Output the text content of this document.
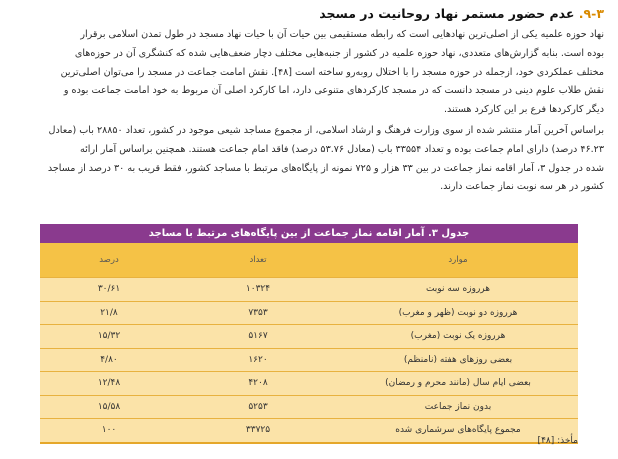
۹-۳. عدم حضور مستمر نهاد روحانیت در مسجد
نهاد حوزه علمیه یکی از اصلی‌ترین نهادهایی است که رابطه مستقیمی بین حیات آن با حیات نهاد مسجد در طول تمدن اسلامی برقرار
بوده است. بنابه گزارش‌های متعددی، نهاد حوزه علمیه در کشور از جنبه‌هایی مختلف دچار ضعف‌هایی شده که کنشگری آن در حوزه‌های
مختلف عملکردی خود، ازجمله در حوزه مسجد را با اختلال روبه‌رو ساخته است [۴۸]. نقش امامت جماعت در مسجد را می‌توان اصلی‌ترین
نقش طلاب علوم دینی در مسجد دانست که در مسجد کارکردهای متنوعی دارد، اما کارکرد اصلی آن مربوط به خود امامت جماعت بوده و
دیگر کارکردها فرع بر این کارکرد هستند.
براساس آخرین آمار منتشر شده از سوی وزارت فرهنگ و ارشاد اسلامی، از مجموع مساجد شیعی موجود در کشور، تعداد ۲۸۸۵۰ باب (معادل
۴۶.۲۳ درصد) دارای امام جماعت بوده و تعداد ۳۳۵۵۴ باب (معادل ۵۳.۷۶ درصد) فاقد امام جماعت هستند. همچنین براساس آمار ارائه
شده در جدول ۳، آمار اقامه نماز جماعت در بین ۳۳ هزار و ۷۲۵ نمونه از پایگاه‌های مرتبط با مساجد کشور، فقط قریب به ۳۰ درصد از مساجد
کشور در هر سه نوبت نماز جماعت دارند.
جدول ۳. آمار اقامه نماز جماعت از بین پایگاه‌های مرتبط با مساجد
موارد
تعداد
درصد
هرروزه سه نوبت
۱۰۳۲۴
۳۰/۶۱
هرروزه دو نوبت (ظهر و مغرب)
۷۳۵۳
۲۱/۸
هرروزه یک نوبت (مغرب)
۵۱۶۷
۱۵/۳۲
بعضی روزهای هفته (نامنظم)
۱۶۲۰
۴/۸۰
بعضی ایام سال (مانند محرم و رمضان)
۴۲۰۸
۱۲/۴۸
بدون نماز جماعت
۵۲۵۳
۱۵/۵۸
مجموع پایگاه‌های سرشماری شده
۳۳۷۲۵
۱۰۰
مأخذ: [۴۸]
